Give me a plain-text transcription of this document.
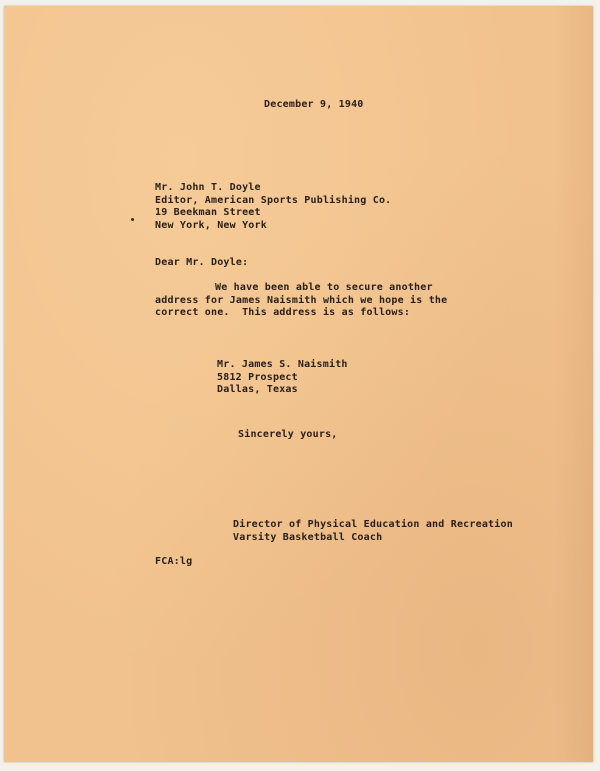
December 9, 1940
Mr. John T. Doyle
Editor, American Sports Publishing Co.
19 Beekman Street
New York, New York
Dear Mr. Doyle:
We have been able to secure another
address for James Naismith which we hope is the
correct one.  This address is as follows:
Mr. James S. Naismith
5812 Prospect
Dallas, Texas
Sincerely yours,
Director of Physical Education and Recreation
Varsity Basketball Coach
FCA:lg
